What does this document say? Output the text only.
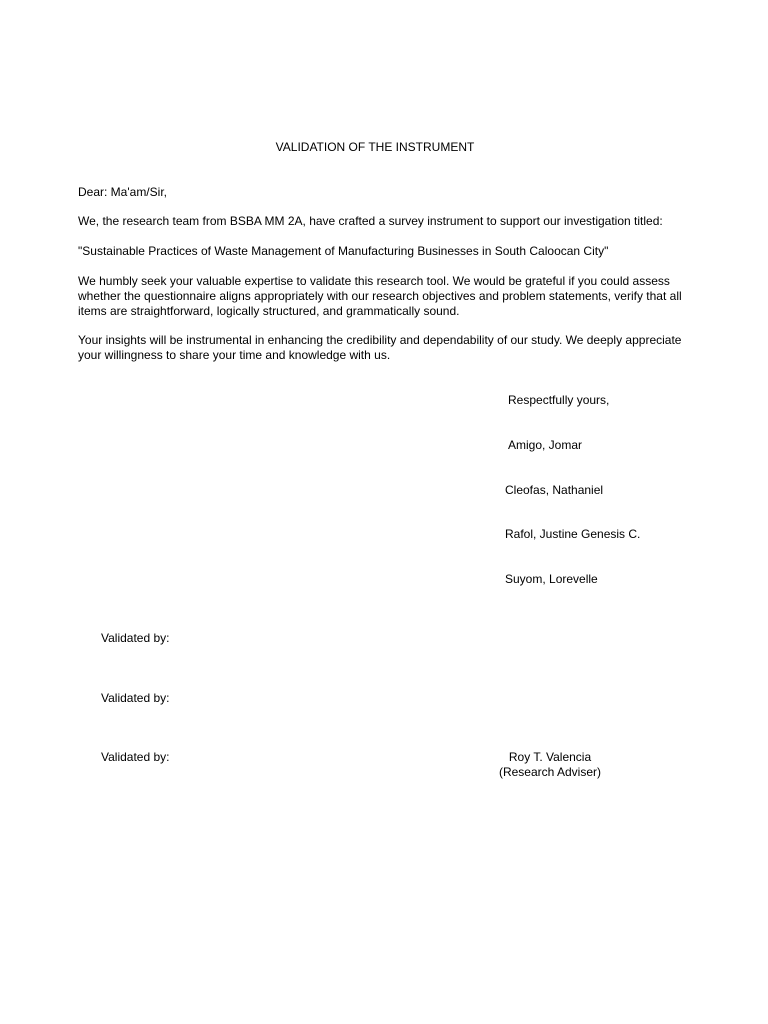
VALIDATION OF THE INSTRUMENT
Dear: Ma'am/Sir,
We, the research team from BSBA MM 2A, have crafted a survey instrument to support our investigation titled:
"Sustainable Practices of Waste Management of Manufacturing Businesses in South Caloocan City"
We humbly seek your valuable expertise to validate this research tool. We would be grateful if you could assess whether the questionnaire aligns appropriately with our research objectives and problem statements, verify that all items are straightforward, logically structured, and grammatically sound.
Your insights will be instrumental in enhancing the credibility and dependability of our study. We deeply appreciate your willingness to share your time and knowledge with us.
Respectfully yours,
Amigo, Jomar
Cleofas, Nathaniel
Rafol, Justine Genesis C.
Suyom, Lorevelle
Validated by:
Validated by:
Validated by:	Roy T. Valencia
(Research Adviser)
